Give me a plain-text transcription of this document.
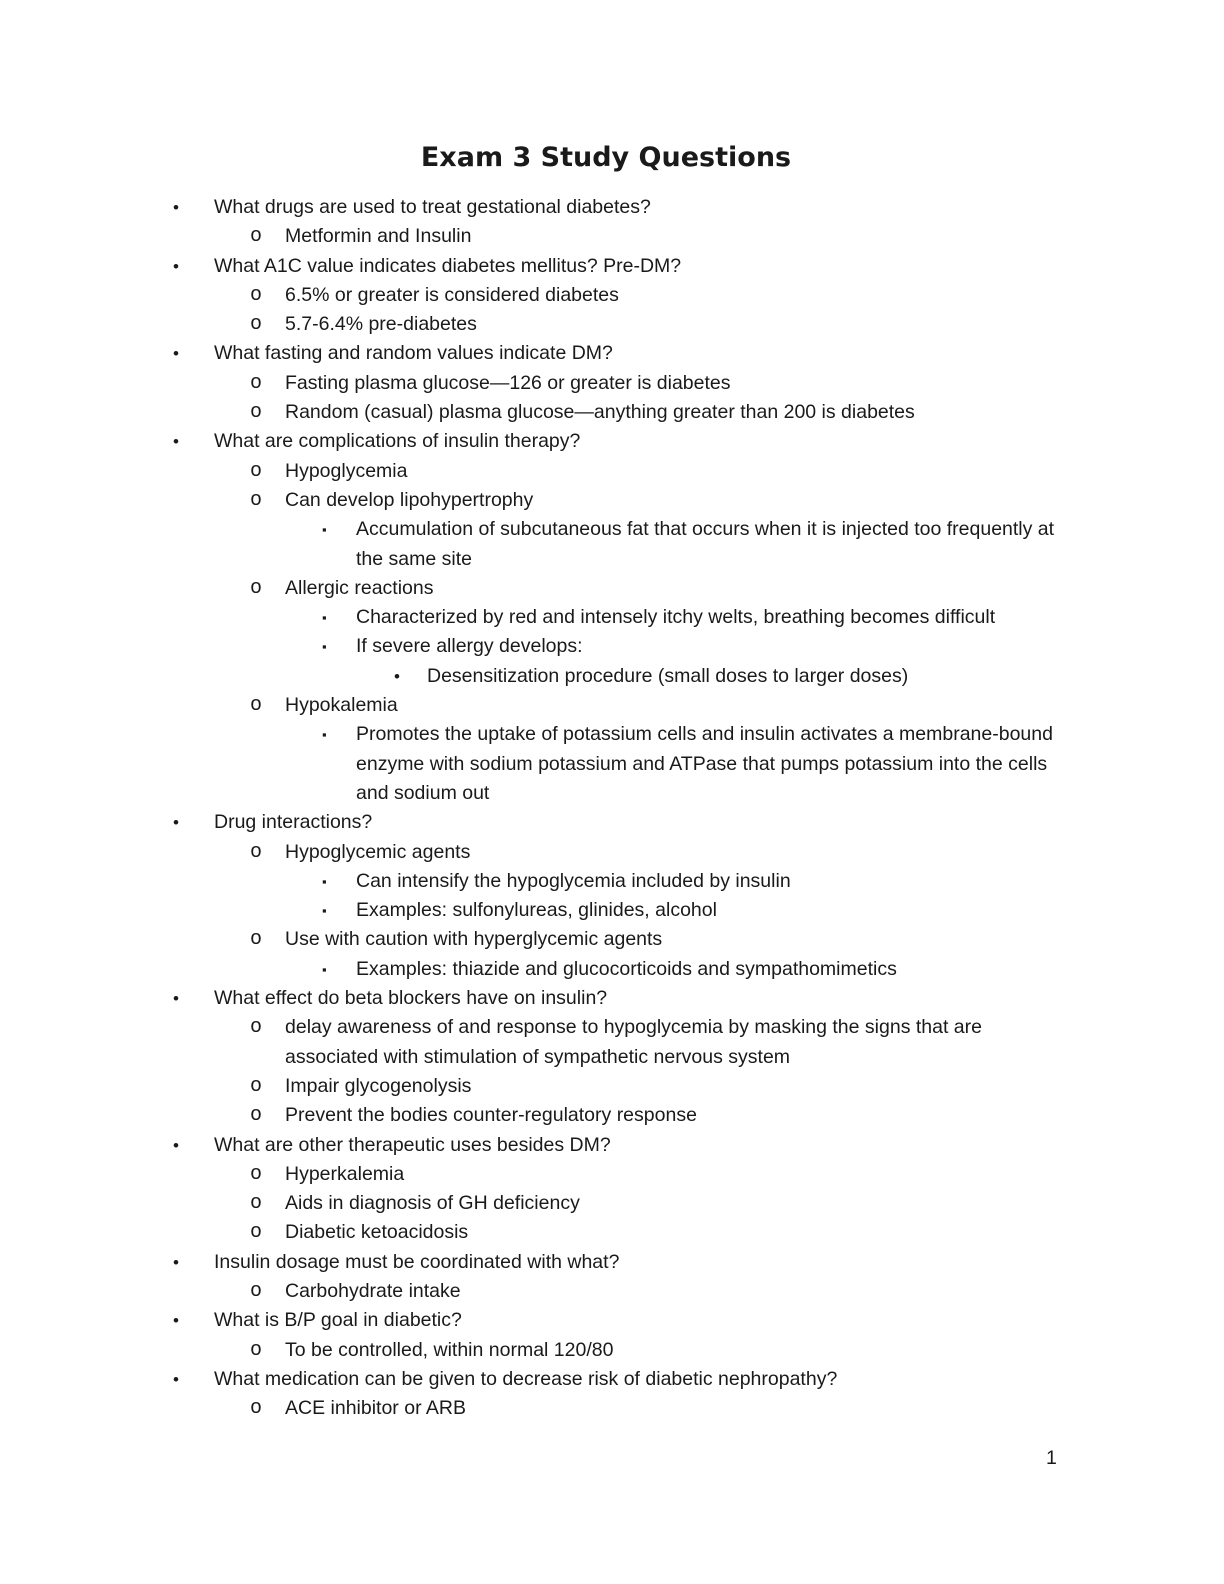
Exam 3 Study Questions
•	What drugs are used to treat gestational diabetes?
o	Metformin and Insulin
•	What A1C value indicates diabetes mellitus? Pre-DM?
o	6.5% or greater is considered diabetes
o	5.7-6.4% pre-diabetes
•	What fasting and random values indicate DM?
o	Fasting plasma glucose—126 or greater is diabetes
o	Random (casual) plasma glucose—anything greater than 200 is diabetes
•	What are complications of insulin therapy?
o	Hypoglycemia
o	Can develop lipohypertrophy
▪	Accumulation of subcutaneous fat that occurs when it is injected too frequently at the same site
o	Allergic reactions
▪	Characterized by red and intensely itchy welts, breathing becomes difficult
▪	If severe allergy develops:
•	Desensitization procedure (small doses to larger doses)
o	Hypokalemia
▪	Promotes the uptake of potassium cells and insulin activates a membrane-bound enzyme with sodium potassium and ATPase that pumps potassium into the cells and sodium out
•	Drug interactions?
o	Hypoglycemic agents
▪	Can intensify the hypoglycemia included by insulin
▪	Examples: sulfonylureas, glinides, alcohol
o	Use with caution with hyperglycemic agents
▪	Examples: thiazide and glucocorticoids and sympathomimetics
•	What effect do beta blockers have on insulin?
o	delay awareness of and response to hypoglycemia by masking the signs that are associated with stimulation of sympathetic nervous system
o	Impair glycogenolysis
o	Prevent the bodies counter-regulatory response
•	What are other therapeutic uses besides DM?
o	Hyperkalemia
o	Aids in diagnosis of GH deficiency
o	Diabetic ketoacidosis
•	Insulin dosage must be coordinated with what?
o	Carbohydrate intake
•	What is B/P goal in diabetic?
o	To be controlled, within normal 120/80
•	What medication can be given to decrease risk of diabetic nephropathy?
o	ACE inhibitor or ARB
1
